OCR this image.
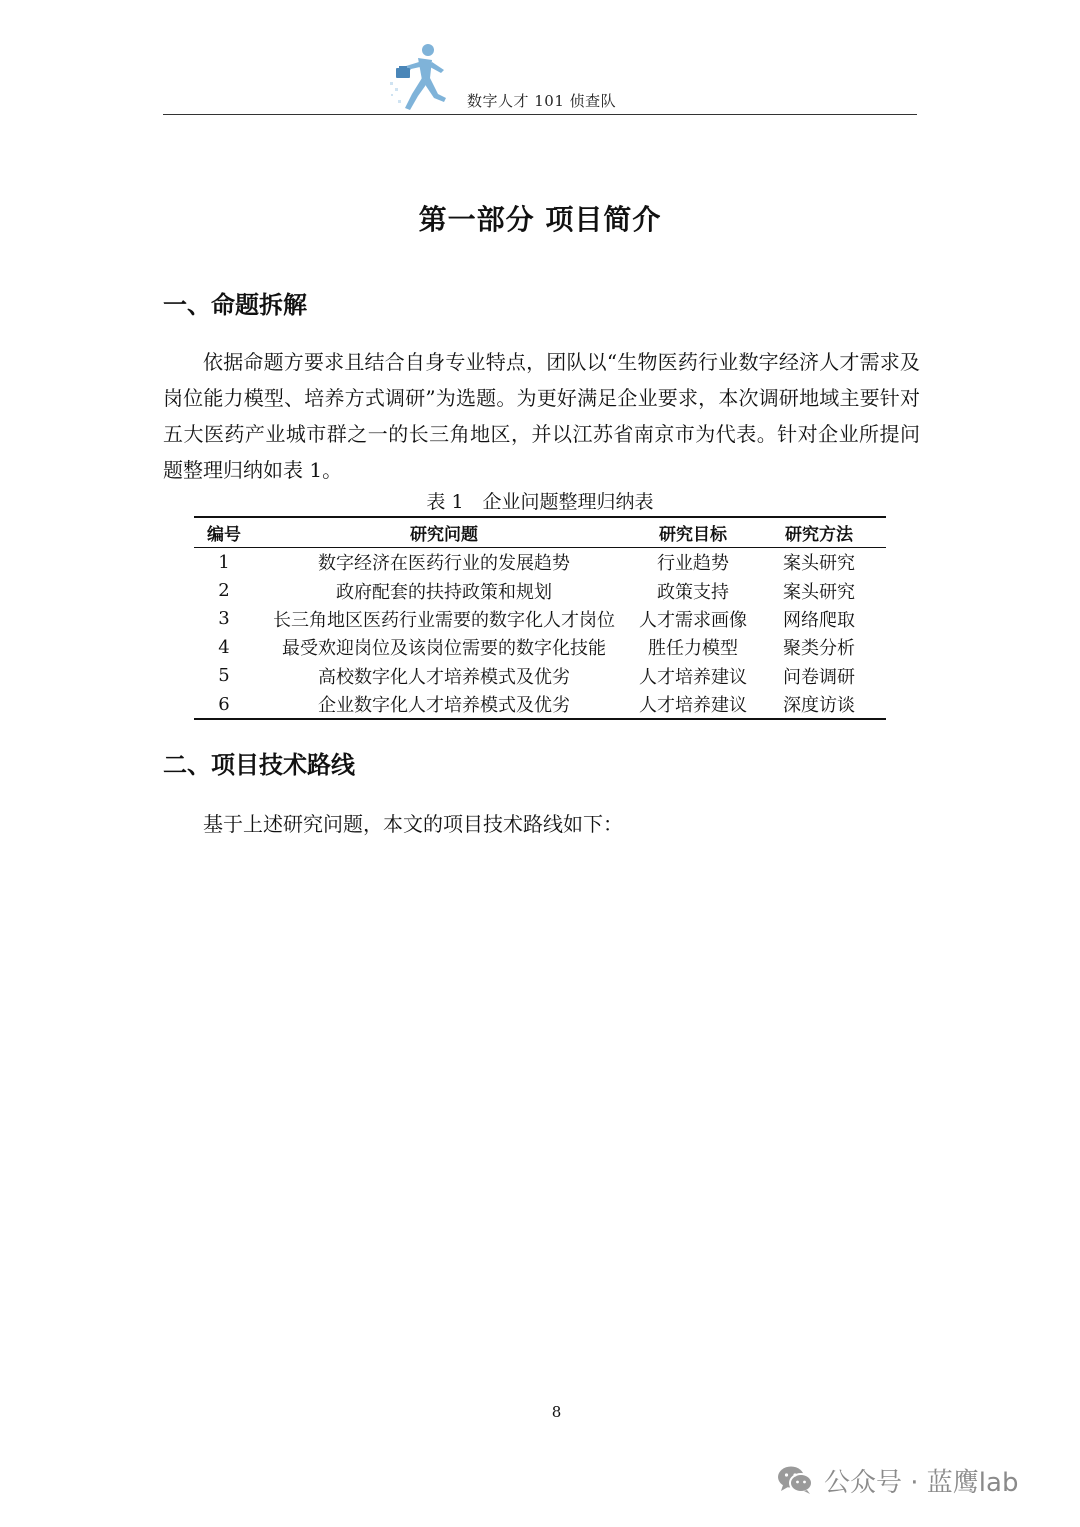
数字人才 101 侦查队
第一部分 项目简介
一、命题拆解
依据命题方要求且结合自身专业特点，团队以“生物医药行业数字经济人才需求及岗位能力模型、培养方式调研”为选题。为更好满足企业要求，本次调研地域主要针对五大医药产业城市群之一的长三角地区，并以江苏省南京市为代表。针对企业所提问题整理归纳如表 1。
表 1　企业问题整理归纳表
编号	研究问题	研究目标	研究方法
1	数字经济在医药行业的发展趋势	行业趋势	案头研究
2	政府配套的扶持政策和规划	政策支持	案头研究
3	长三角地区医药行业需要的数字化人才岗位	人才需求画像	网络爬取
4	最受欢迎岗位及该岗位需要的数字化技能	胜任力模型	聚类分析
5	高校数字化人才培养模式及优劣	人才培养建议	问卷调研
6	企业数字化人才培养模式及优劣	人才培养建议	深度访谈
二、项目技术路线
基于上述研究问题，本文的项目技术路线如下：
8
公众号 · 蓝鹰lab
